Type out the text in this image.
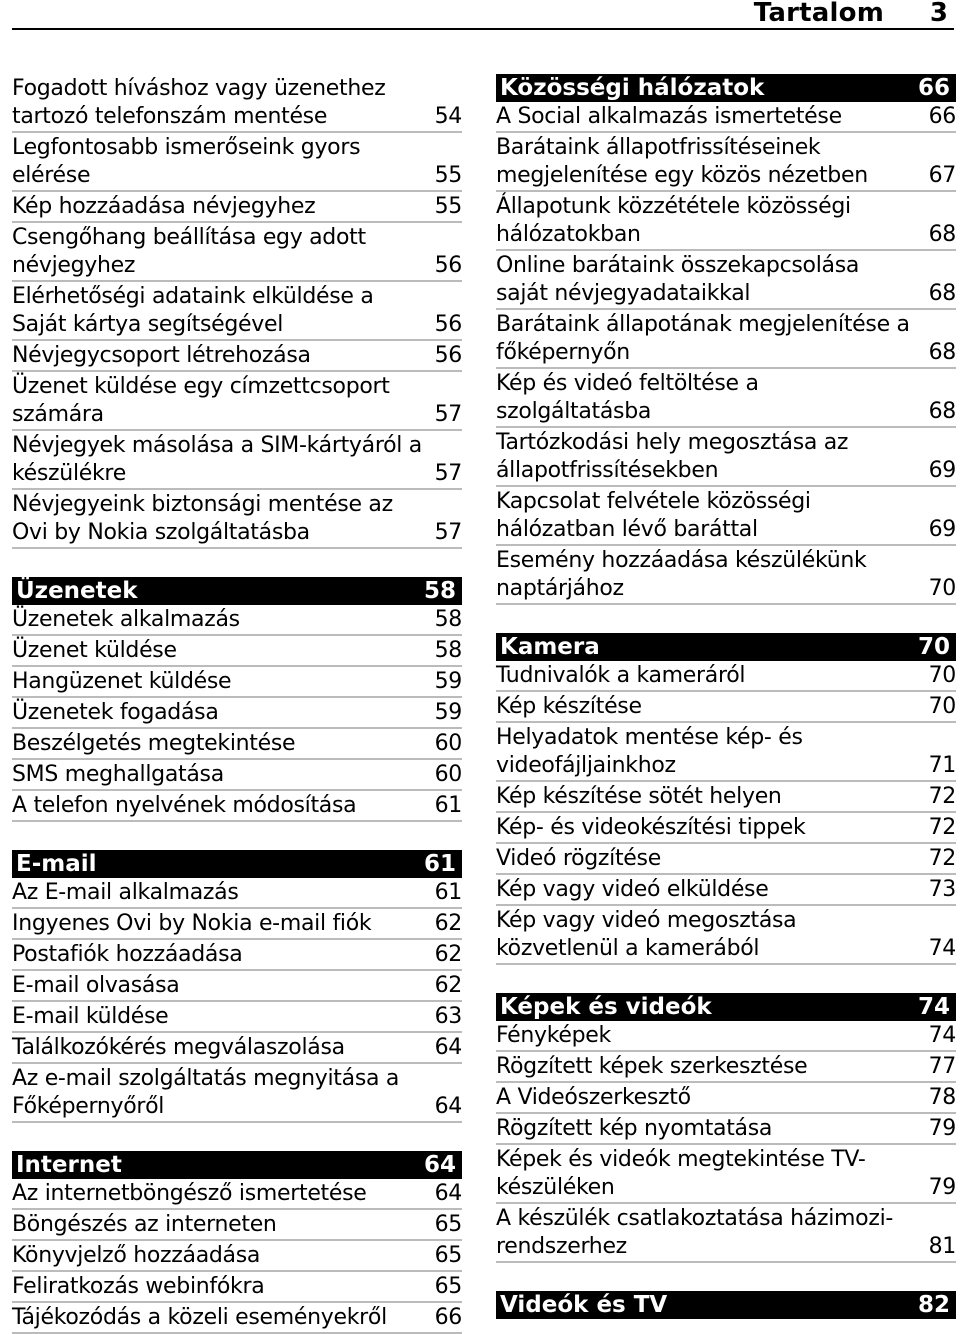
Tartalom 3
Fogadott híváshoz vagy üzenethez tartozó telefonszám mentése	54
Legfontosabb ismerőseink gyors elérése	55
Kép hozzáadása névjegyhez	55
Csengőhang beállítása egy adott névjegyhez	56
Elérhetőségi adataink elküldése a Saját kártya segítségével	56
Névjegycsoport létrehozása	56
Üzenet küldése egy címzettcsoport számára	57
Névjegyek másolása a SIM-kártyáról a készülékre	57
Névjegyeink biztonsági mentése az Ovi by Nokia szolgáltatásba	57
Üzenetek	58
Üzenetek alkalmazás	58
Üzenet küldése	58
Hangüzenet küldése	59
Üzenetek fogadása	59
Beszélgetés megtekintése	60
SMS meghallgatása	60
A telefon nyelvének módosítása	61
E-mail	61
Az E-mail alkalmazás	61
Ingyenes Ovi by Nokia e-mail fiók	62
Postafiók hozzáadása	62
E-mail olvasása	62
E-mail küldése	63
Találkozókérés megválaszolása	64
Az e-mail szolgáltatás megnyitása a Főképernyőről	64
Internet	64
Az internetböngésző ismertetése	64
Böngészés az interneten	65
Könyvjelző hozzáadása	65
Feliratkozás webinfókra	65
Tájékozódás a közeli eseményekről 66
Közösségi hálózatok	66
A Social alkalmazás ismertetése	66
Barátaink állapotfrissítéseinek megjelenítése egy közös nézetben	67
Állapotunk közzététele közösségi hálózatokban	68
Online barátaink összekapcsolása saját névjegyadataikkal	68
Barátaink állapotának megjelenítése a főképernyőn	68
Kép és videó feltöltése a szolgáltatásba	68
Tartózkodási hely megosztása az állapotfrissítésekben	69
Kapcsolat felvétele közösségi hálózatban lévő baráttal	69
Esemény hozzáadása készülékünk naptárjához	70
Kamera	70
Tudnivalók a kameráról	70
Kép készítése	70
Helyadatok mentése kép- és videofájljainkhoz	71
Kép készítése sötét helyen	72
Kép- és videokészítési tippek	72
Videó rögzítése	72
Kép vagy videó elküldése	73
Kép vagy videó megosztása közvetlenül a kamerából	74
Képek és videók	74
Fényképek	74
Rögzített képek szerkesztése	77
A Videószerkesztő	78
Rögzített kép nyomtatása	79
Képek és videók megtekintése TV-készüléken	79
A készülék csatlakoztatása házimozi-rendszerhez	81
Videók és TV	82
